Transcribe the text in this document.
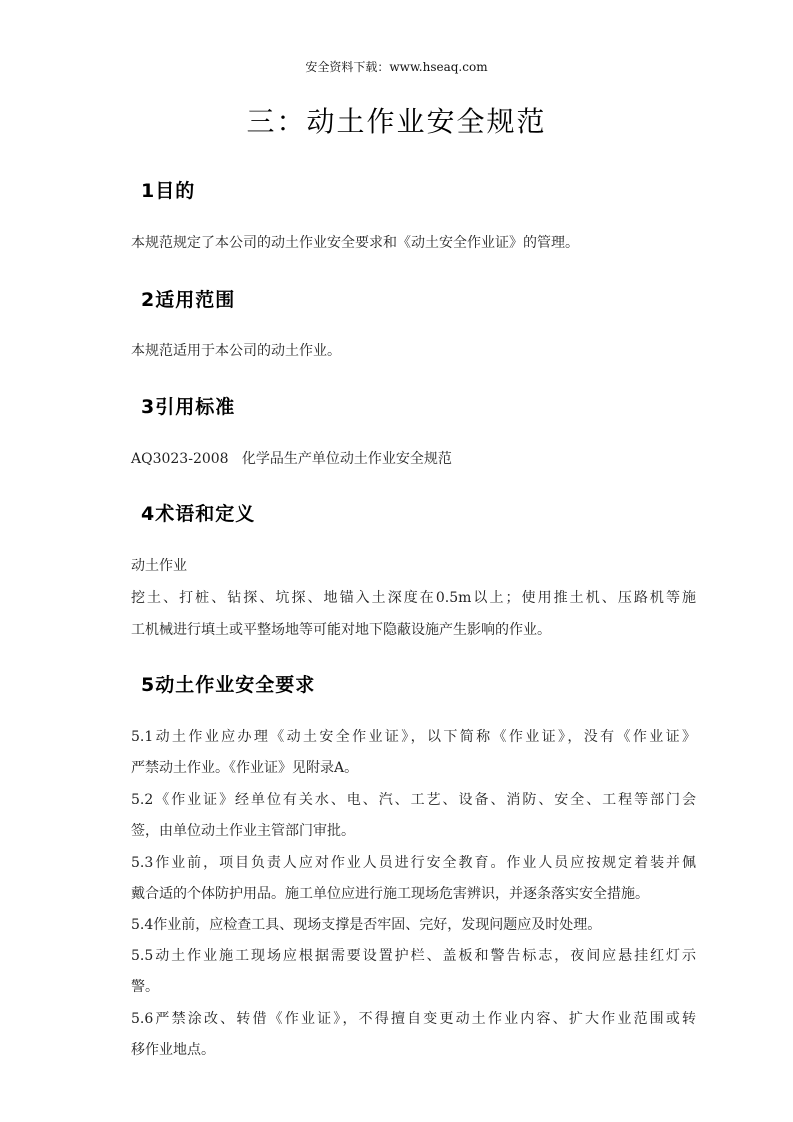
安全资料下载：www.hseaq.com
三：动土作业安全规范
1目的
本规范规定了本公司的动土作业安全要求和《动土安全作业证》的管理。
2适用范围
本规范适用于本公司的动土作业。
3引用标准
AQ3023-2008   化学品生产单位动土作业安全规范
4术语和定义
动土作业
挖土、打桩、钻探、坑探、地锚入土深度在0.5m以上；使用推土机、压路机等施
工机械进行填土或平整场地等可能对地下隐蔽设施产生影响的作业。
5动土作业安全要求
5.1动土作业应办理《动土安全作业证》，以下简称《作业证》，没有《作业证》
严禁动土作业。《作业证》见附录A。
5.2《作业证》经单位有关水、电、汽、工艺、设备、消防、安全、工程等部门会
签，由单位动土作业主管部门审批。
5.3作业前，项目负责人应对作业人员进行安全教育。作业人员应按规定着装并佩
戴合适的个体防护用品。施工单位应进行施工现场危害辨识，并逐条落实安全措施。
5.4作业前，应检查工具、现场支撑是否牢固、完好，发现问题应及时处理。
5.5动土作业施工现场应根据需要设置护栏、盖板和警告标志，夜间应悬挂红灯示
警。
5.6严禁涂改、转借《作业证》，不得擅自变更动土作业内容、扩大作业范围或转
移作业地点。
